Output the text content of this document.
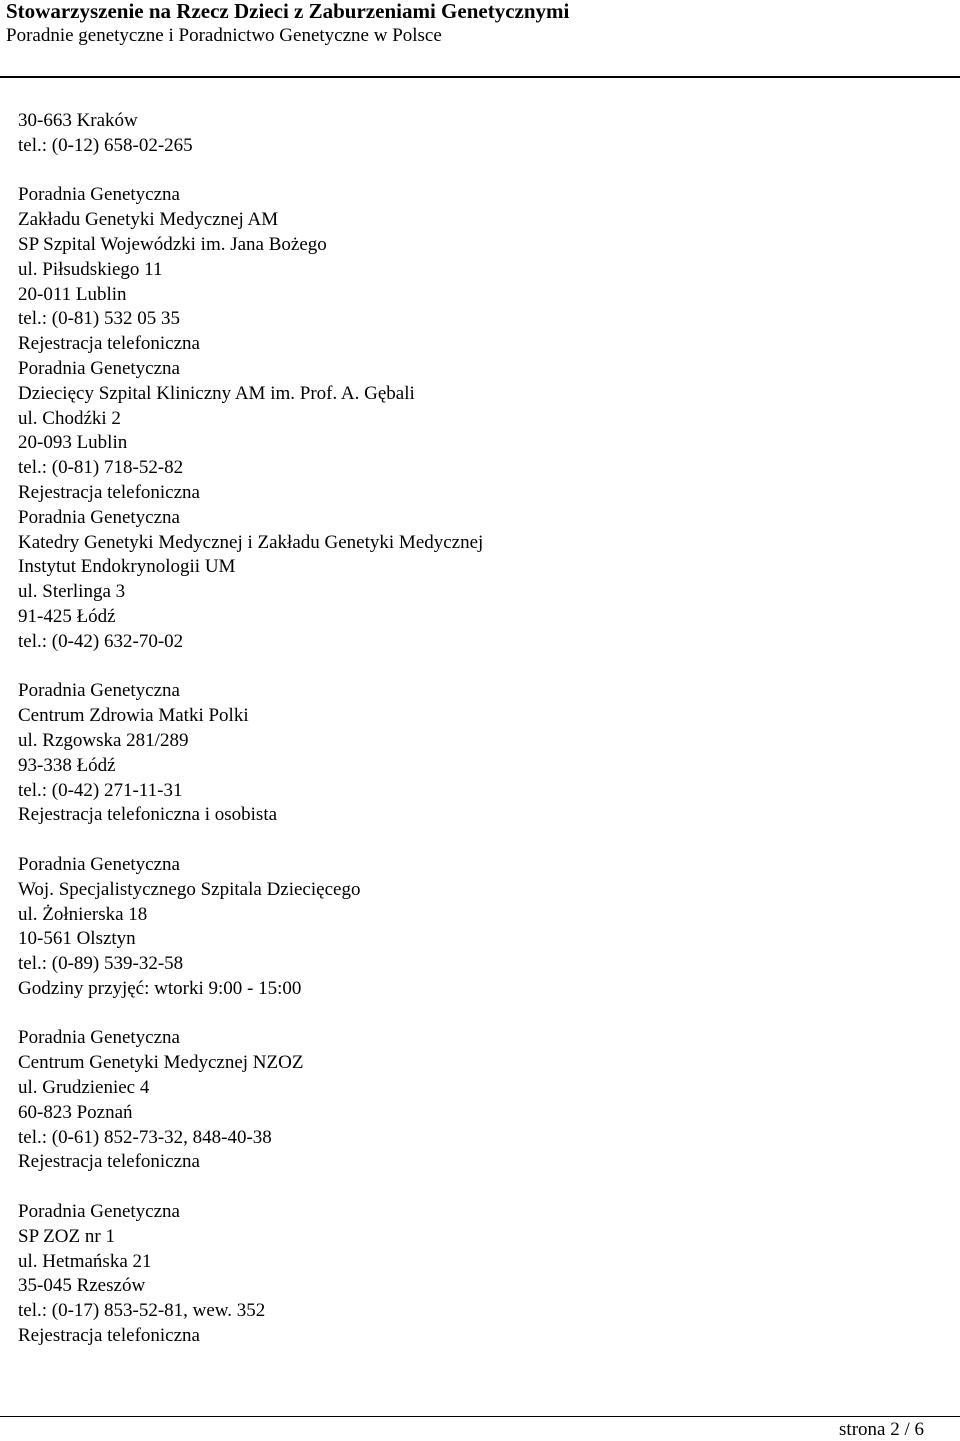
Stowarzyszenie na Rzecz Dzieci z Zaburzeniami Genetycznymi
Poradnie genetyczne i Poradnictwo Genetyczne w Polsce
30-663 Kraków
tel.: (0-12) 658-02-265
Poradnia Genetyczna
Zakładu Genetyki Medycznej AM
SP Szpital Wojewódzki im. Jana Bożego
ul. Piłsudskiego 11
20-011 Lublin
tel.: (0-81) 532 05 35
Rejestracja telefoniczna
Poradnia Genetyczna
Dziecięcy Szpital Kliniczny AM im. Prof. A. Gębali
ul. Chodźki 2
20-093 Lublin
tel.: (0-81) 718-52-82
Rejestracja telefoniczna
Poradnia Genetyczna
Katedry Genetyki Medycznej i Zakładu Genetyki Medycznej
Instytut Endokrynologii UM
ul. Sterlinga 3
91-425 Łódź
tel.: (0-42) 632-70-02
Poradnia Genetyczna
Centrum Zdrowia Matki Polki
ul. Rzgowska 281/289
93-338 Łódź
tel.: (0-42) 271-11-31
Rejestracja telefoniczna i osobista
Poradnia Genetyczna
Woj. Specjalistycznego Szpitala Dziecięcego
ul. Żołnierska 18
10-561 Olsztyn
tel.: (0-89) 539-32-58
Godziny przyjęć: wtorki 9:00 - 15:00
Poradnia Genetyczna
Centrum Genetyki Medycznej NZOZ
ul. Grudzieniec 4
60-823 Poznań
tel.: (0-61) 852-73-32, 848-40-38
Rejestracja telefoniczna
Poradnia Genetyczna
SP ZOZ nr 1
ul. Hetmańska 21
35-045 Rzeszów
tel.: (0-17) 853-52-81, wew. 352
Rejestracja telefoniczna
strona 2 / 6
